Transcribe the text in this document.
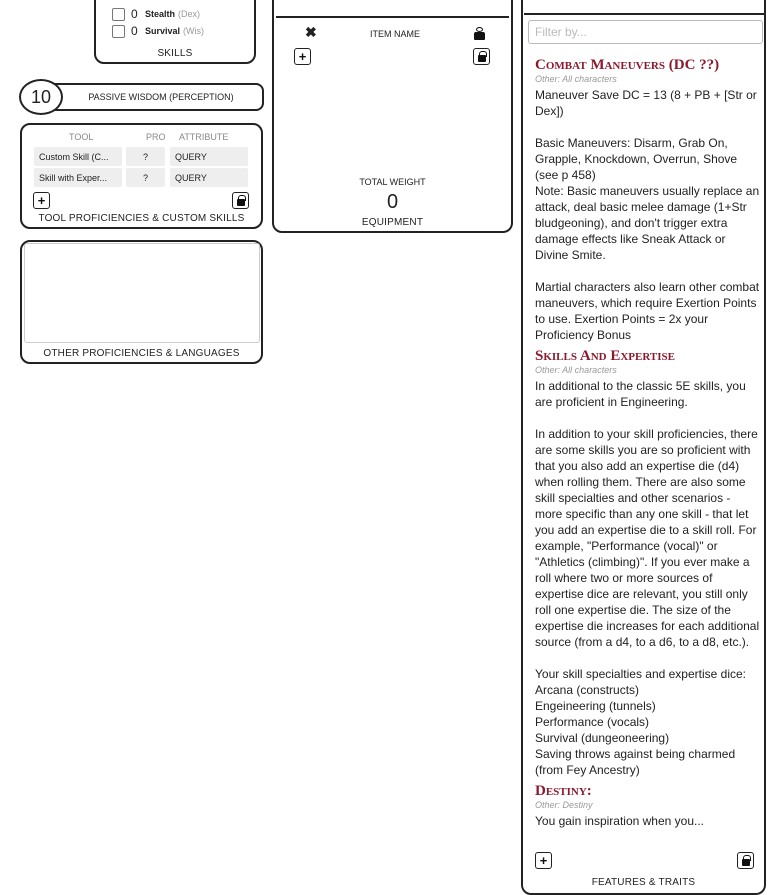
0 Stealth (Dex)
0 Survival (Wis)
SKILLS
PASSIVE WISDOM (PERCEPTION)
10
TOOL	PRO ATTRIBUTE
Custom Skill (C...	?	QUERY
Skill with Exper...	?	QUERY
+
TOOL PROFICIENCIES & CUSTOM SKILLS
OTHER PROFICIENCIES & LANGUAGES
✖	ITEM NAME
+
TOTAL WEIGHT
0
EQUIPMENT
Filter by...
Combat Maneuvers (DC ??)
Other: All characters
Maneuver Save DC = 13 (8 + PB + [Str or Dex])

Basic Maneuvers: Disarm, Grab On, Grapple, Knockdown, Overrun, Shove (see p 458)
Note: Basic maneuvers usually replace an attack, deal basic melee damage (1+Str bludgeoning), and don't trigger extra damage effects like Sneak Attack or Divine Smite.

Martial characters also learn other combat maneuvers, which require Exertion Points to use. Exertion Points = 2x your Proficiency Bonus
Skills And Expertise
Other: All characters
In additional to the classic 5E skills, you are proficient in Engineering.

In addition to your skill proficiencies, there are some skills you are so proficient with that you also add an expertise die (d4) when rolling them. There are also some skill specialties and other scenarios - more specific than any one skill - that let you add an expertise die to a skill roll. For example, "Performance (vocal)" or "Athletics (climbing)". If you ever make a roll where two or more sources of expertise dice are relevant, you still only roll one expertise die. The size of the expertise die increases for each additional source (from a d4, to a d6, to a d8, etc.).

Your skill specialties and expertise dice:
Arcana (constructs)
Engeineering (tunnels)
Performance (vocals)
Survival (dungeoneering)
Saving throws against being charmed (from Fey Ancestry)
Destiny:
Other: Destiny
You gain inspiration when you...
+
FEATURES & TRAITS
